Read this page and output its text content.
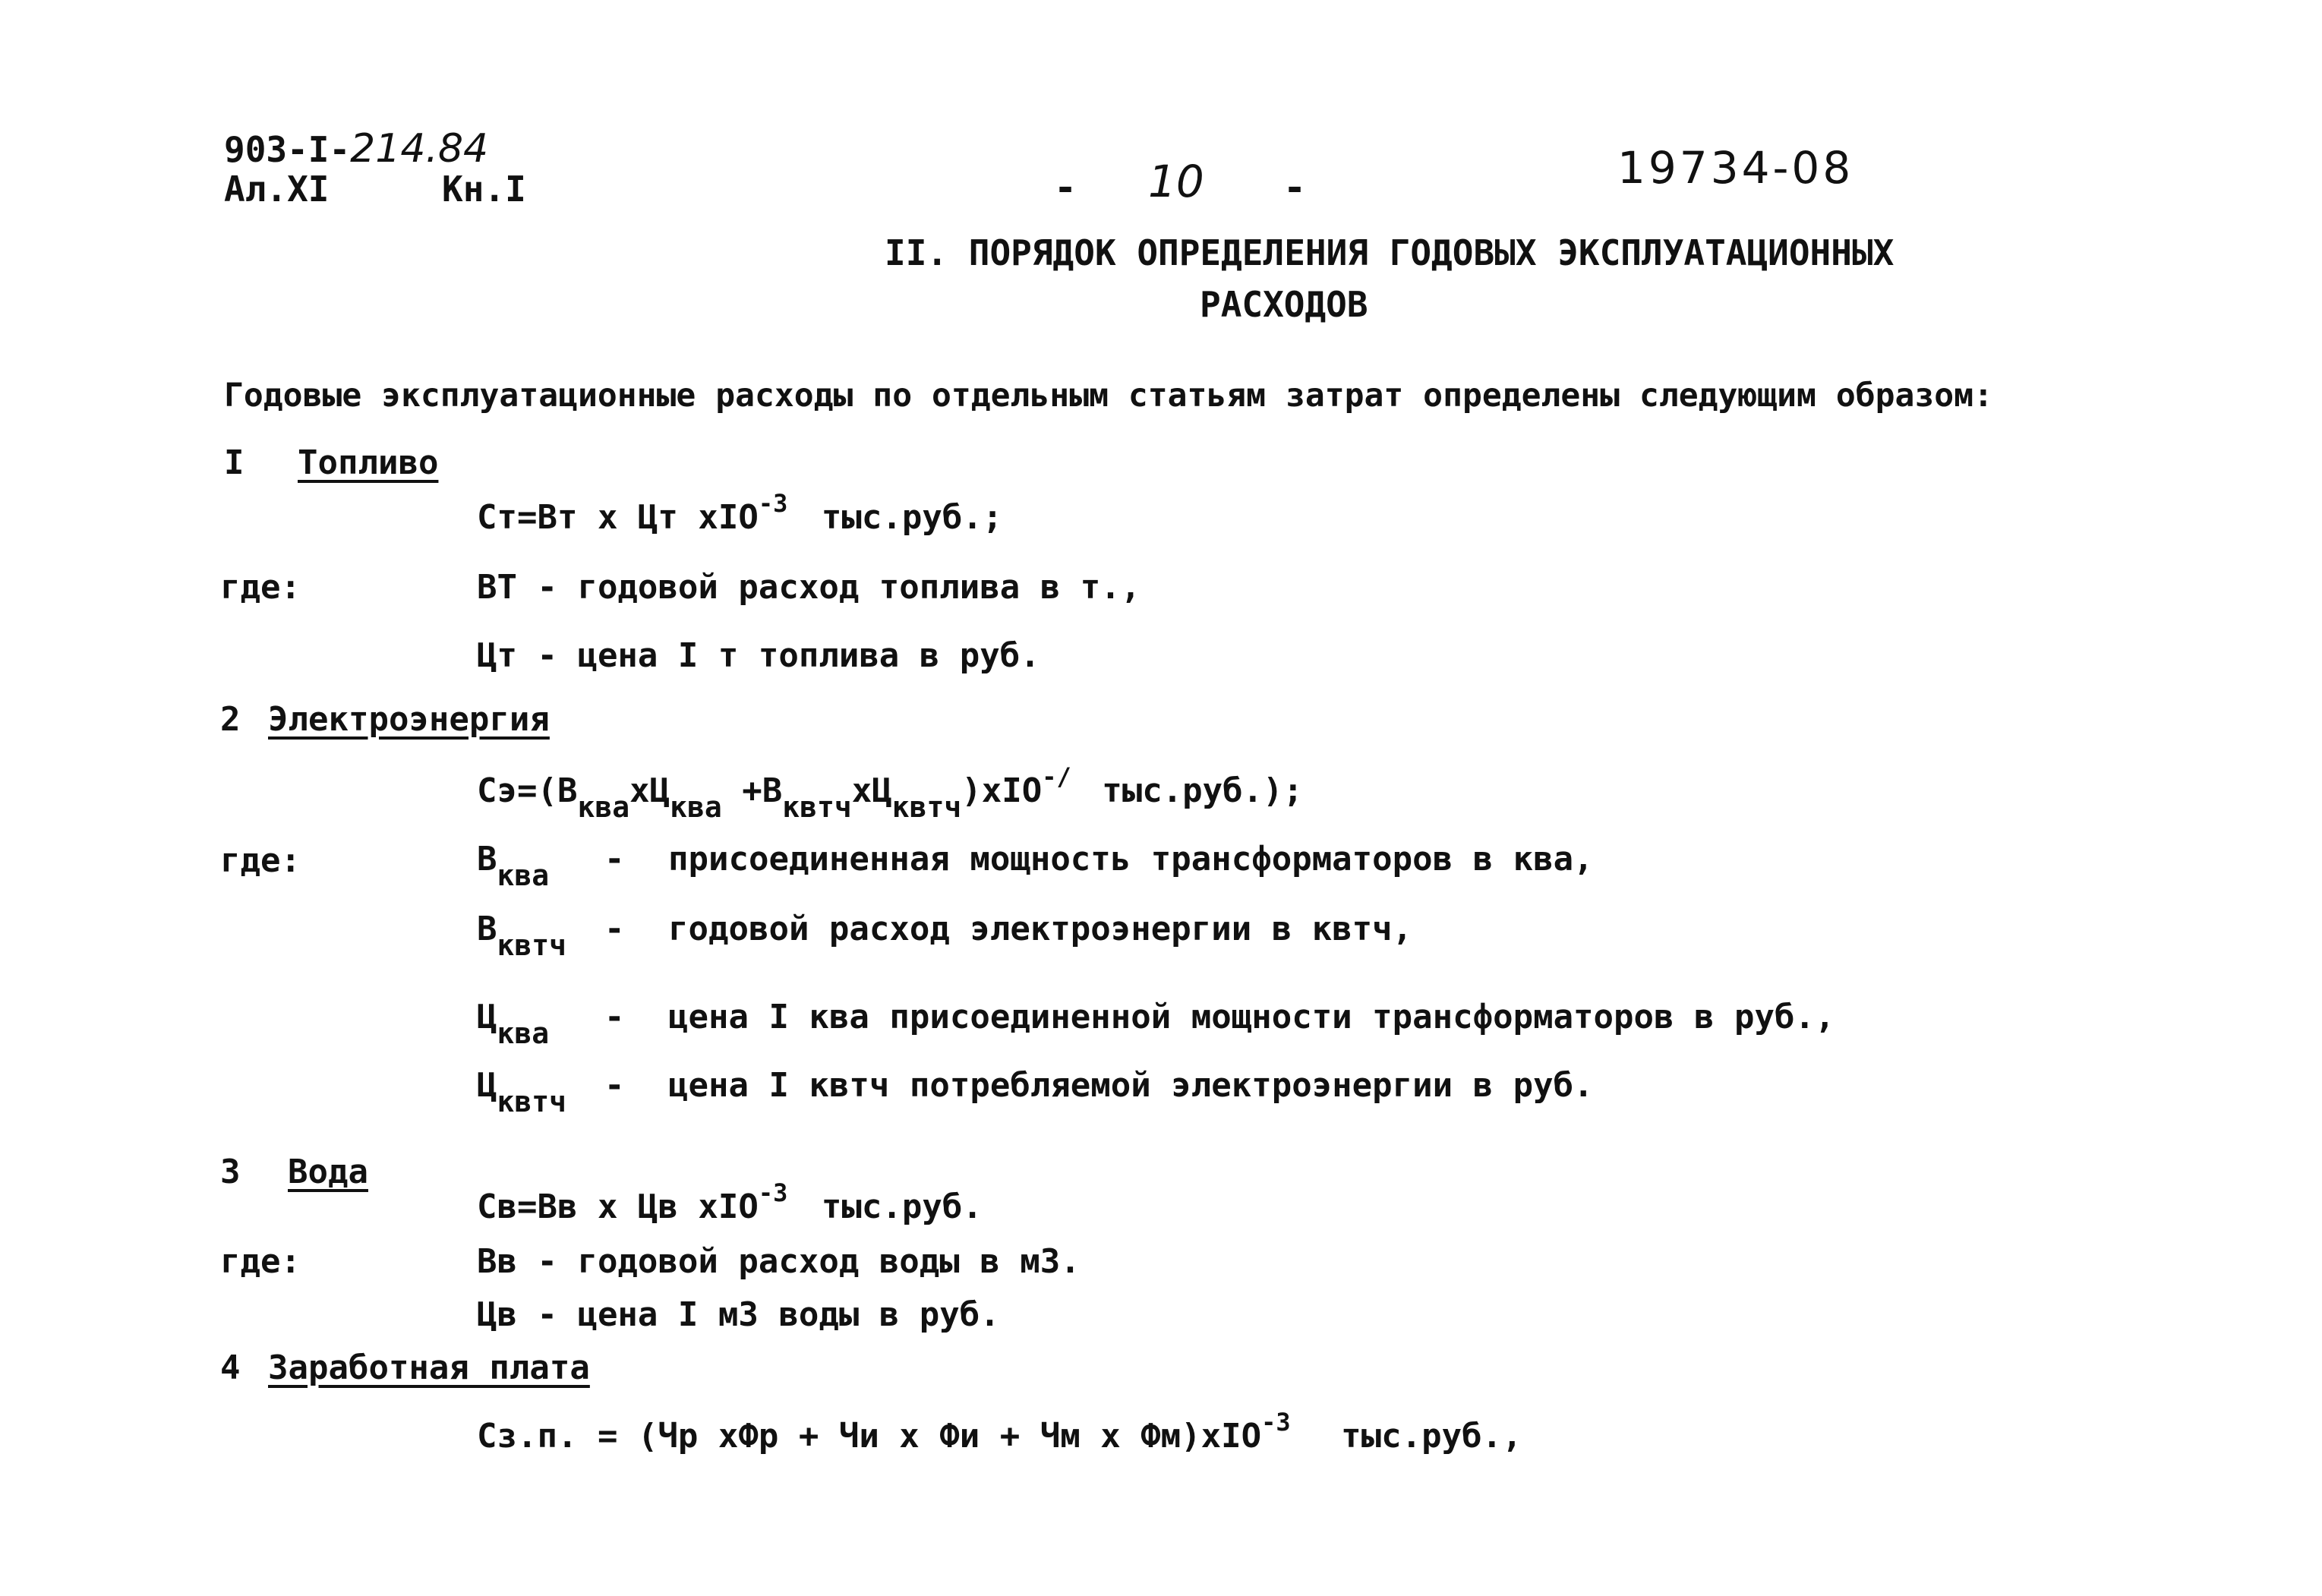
903-I-214.84
Ал.XI	Кн.I	- 10 -	19734-08
II. ПОРЯДОК ОПРЕДЕЛЕНИЯ ГОДОВЫХ ЭКСПЛУАТАЦИОННЫХ
РАСХОДОВ
Годовые эксплуатационные расходы по отдельным статьям затрат определены следующим образом:
I Топливо
Ст=Вт x Цт xIO$^{-3}$ тыс.руб.;
где:	ВТ - годовой расход топлива в т.,
Цт - цена I т топлива в руб.
2 Электроэнергия
$Сэ=(В_{ква}xЦ_{ква} +В_{квтч}xЦ_{квтч})xIO^{-/}$ тыс.руб.);
где:	$В_{ква}$ - присоединенная мощность трансформаторов в ква,
$В_{квтч}$ - годовой расход электроэнергии в квтч,
$Ц_{ква}$ - цена I ква присоединенной мощности трансформаторов в руб.,
$Ц_{квтч}$ - цена I квтч потребляемой электроэнергии в руб.
3 Вода
Св=Вв x Цв xIO$^{-3}$ тыс.руб.
где:	Вв - годовой расход воды в м3.
Цв - цена I м3 воды в руб.
4 Заработная плата
Сз.п. = (Чр xФр + Чи x Фи + Чм x Фм)xIO$^{-3}$ тыс.руб.,
